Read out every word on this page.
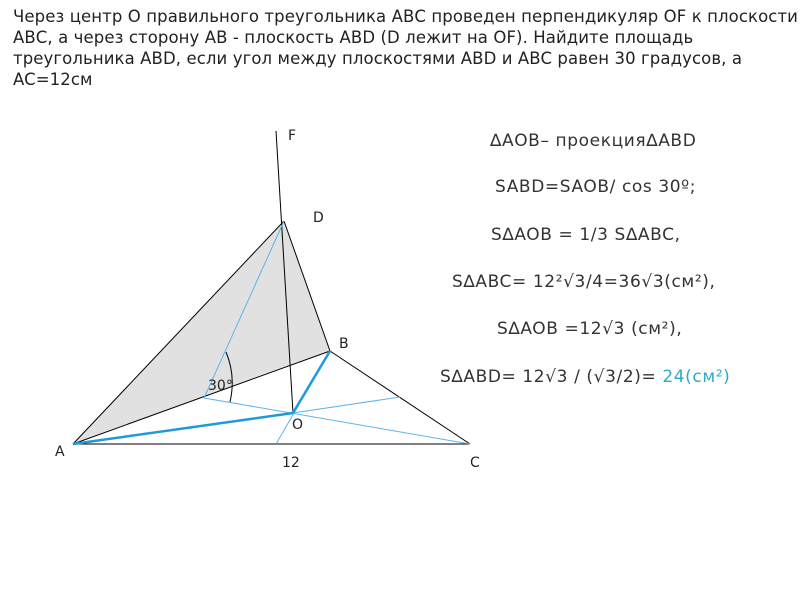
Через центр О правильного треугольника АВС проведен перпендикуляр OF к плоскости
АВС, а через сторону АВ - плоскость ABD (D лежит на OF). Найдите площадь
треугольника ABD, если угол между плоскостями ABD и ABC равен 30 градусов, а
AC=12см
F
D
B
A
O
C
12
30°
∆АОВ– проекция∆ABD
SABD=SAOB/ cos 30º;
S∆AOB = 1/3 S∆ABC,
S∆ABC= 12²√3/4=36√3(см²),
S∆AOB =12√3 (см²),
S∆ABD= 12√3 / (√3/2)= 24(см²)
